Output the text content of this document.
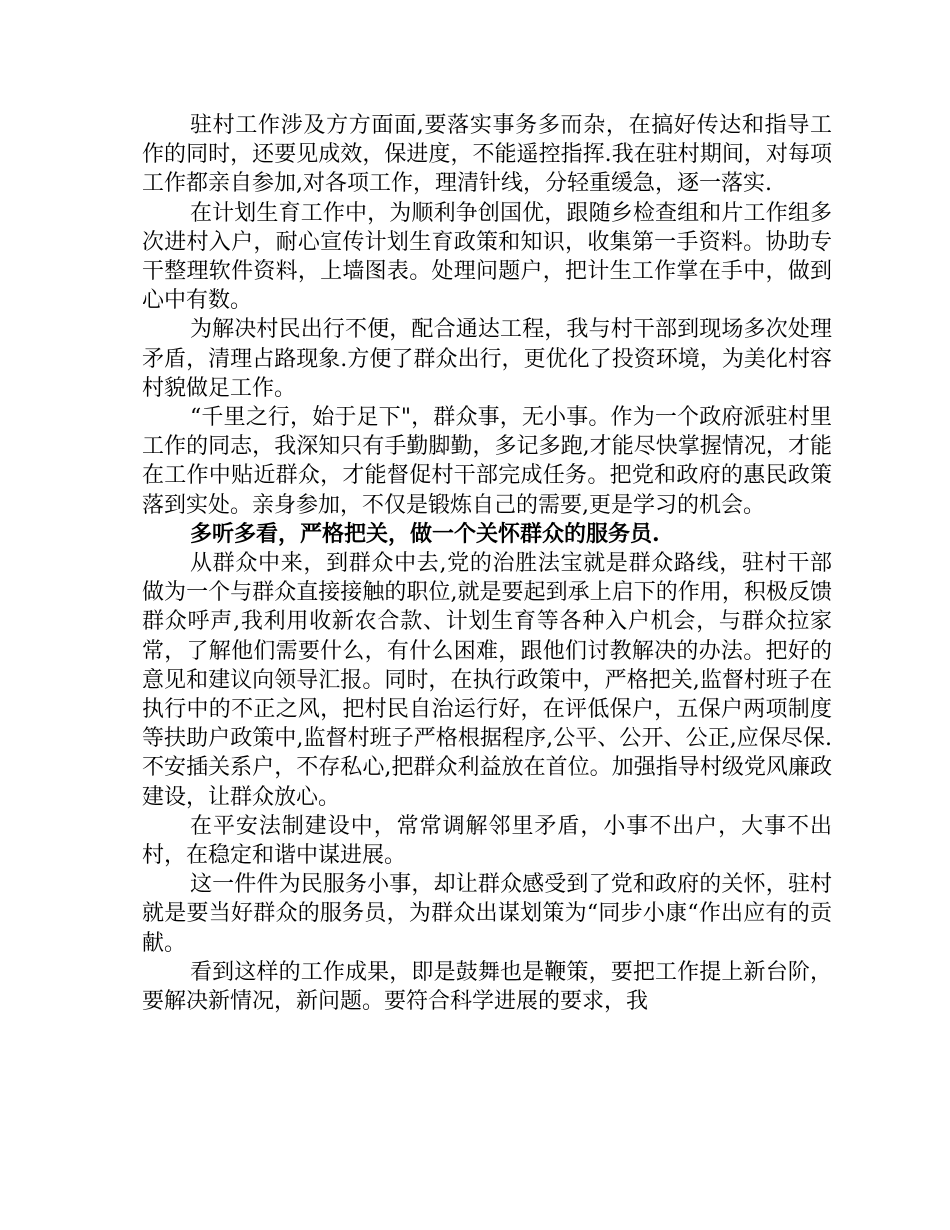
驻村工作涉及方方面面,要落实事务多而杂，在搞好传达和指导工作的同时，还要见成效，保进度，不能遥控指挥.我在驻村期间，对每项工作都亲自参加,对各项工作，理清针线，分轻重缓急，逐一落实.

在计划生育工作中，为顺利争创国优，跟随乡检查组和片工作组多次进村入户，耐心宣传计划生育政策和知识，收集第一手资料。协助专干整理软件资料，上墙图表。处理问题户，把计生工作掌在手中，做到心中有数。

为解决村民出行不便，配合通达工程，我与村干部到现场多次处理矛盾，清理占路现象.方便了群众出行，更优化了投资环境，为美化村容村貌做足工作。

“千里之行，始于足下"，群众事，无小事。作为一个政府派驻村里工作的同志，我深知只有手勤脚勤，多记多跑,才能尽快掌握情况，才能在工作中贴近群众，才能督促村干部完成任务。把党和政府的惠民政策落到实处。亲身参加，不仅是锻炼自己的需要,更是学习的机会。

多听多看，严格把关，做一个关怀群众的服务员.

从群众中来，到群众中去,党的治胜法宝就是群众路线，驻村干部做为一个与群众直接接触的职位,就是要起到承上启下的作用，积极反馈群众呼声,我利用收新农合款、计划生育等各种入户机会，与群众拉家常，了解他们需要什么，有什么困难，跟他们讨教解决的办法。把好的意见和建议向领导汇报。同时，在执行政策中，严格把关,监督村班子在执行中的不正之风，把村民自治运行好，在评低保户，五保户两项制度等扶助户政策中,监督村班子严格根据程序,公平、公开、公正,应保尽保.不安插关系户，不存私心,把群众利益放在首位。加强指导村级党风廉政建设，让群众放心。

在平安法制建设中，常常调解邻里矛盾，小事不出户，大事不出村，在稳定和谐中谋进展。

这一件件为民服务小事，却让群众感受到了党和政府的关怀，驻村就是要当好群众的服务员，为群众出谋划策为“同步小康“作出应有的贡献。

看到这样的工作成果，即是鼓舞也是鞭策，要把工作提上新台阶，要解决新情况，新问题。要符合科学进展的要求，我
